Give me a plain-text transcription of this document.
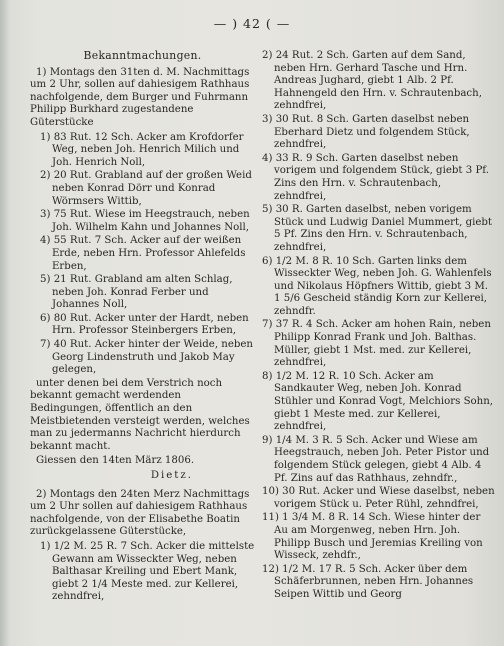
— ) 42 ( —
Bekanntmachungen.
1) Montags den 31ten d. M. Nachmittags um 2 Uhr, sollen auf dahiesigem Rathhaus nachfolgende, dem Burger und Fuhrmann Philipp Burkhard zugestandene Güterstücke
1) 83 Rut. 12 Sch. Acker am Krofdorfer Weg, neben Joh. Henrich Milich und Joh. Henrich Noll,
2) 20 Rut. Grabland auf der großen Weid neben Konrad Dörr und Konrad Wörmsers Wittib,
3) 75 Rut. Wiese im Heegstrauch, neben Joh. Wilhelm Kahn und Johannes Noll,
4) 55 Rut. 7 Sch. Acker auf der weißen Erde, neben Hrn. Professor Ahlefelds Erben,
5) 21 Rut. Grabland am alten Schlag, neben Joh. Konrad Ferber und Johannes Noll,
6) 80 Rut. Acker unter der Hardt, neben Hrn. Professor Steinbergers Erben,
7) 40 Rut. Acker hinter der Weide, neben Georg Lindenstruth und Jakob May gelegen,
unter denen bei dem Verstrich noch bekannt gemacht werdenden Bedingungen, öffentlich an den Meistbietenden versteigt werden, welches man zu jedermanns Nachricht hierdurch bekannt macht.
Giessen den 14ten März 1806.
Dietz.
2) Montags den 24ten Merz Nachmittags um 2 Uhr sollen auf dahiesigem Rathhaus nachfolgende, von der Elisabethe Boatin zurückgelassene Güterstücke,
1) 1/2 M. 25 R. 7 Sch. Acker die mittelste Gewann am Wisseckter Weg, neben Balthasar Kreiling und Ebert Mank, giebt 2 1/4 Meste med. zur Kellerei, zehndfrei,
2) 24 Rut. 2 Sch. Garten auf dem Sand, neben Hrn. Gerhard Tasche und Hrn. Andreas Jughard, giebt 1 Alb. 2 Pf. Hahnengeld den Hrn. v. Schrautenbach, zehndfrei,
3) 30 Rut. 8 Sch. Garten daselbst neben Eberhard Dietz und folgendem Stück, zehndfrei,
4) 33 R. 9 Sch. Garten daselbst neben vorigem und folgendem Stück, giebt 3 Pf. Zins den Hrn. v. Schrautenbach, zehndfrei,
5) 30 R. Garten daselbst, neben vorigem Stück und Ludwig Daniel Mummert, giebt 5 Pf. Zins den Hrn. v. Schrautenbach, zehndfrei,
6) 1/2 M. 8 R. 10 Sch. Garten links dem Wisseckter Weg, neben Joh. G. Wahlenfels und Nikolaus Höpfners Wittib, giebt 3 M. 1 5/6 Gescheid ständig Korn zur Kellerei, zehndfr.
7) 37 R. 4 Sch. Acker am hohen Rain, neben Philipp Konrad Frank und Joh. Balthas. Müller, giebt 1 Mst. med. zur Kellerei, zehndfrei,
8) 1/2 M. 12 R. 10 Sch. Acker am Sandkauter Weg, neben Joh. Konrad Stühler und Konrad Vogt, Melchiors Sohn, giebt 1 Meste med. zur Kellerei, zehndfrei,
9) 1/4 M. 3 R. 5 Sch. Acker und Wiese am Heegstrauch, neben Joh. Peter Pistor und folgendem Stück gelegen, giebt 4 Alb. 4 Pf. Zins auf das Rathhaus, zehndfr.,
10) 30 Rut. Acker und Wiese daselbst, neben vorigem Stück u. Peter Rühl, zehndfrei,
11) 1 3/4 M. 8 R. 14 Sch. Wiese hinter der Au am Morgenweg, neben Hrn. Joh. Philipp Busch und Jeremias Kreiling von Wisseck, zehdfr.,
12) 1/2 M. 17 R. 5 Sch. Acker über dem Schäferbrunnen, neben Hrn. Johannes Seipen Wittib und Georg
